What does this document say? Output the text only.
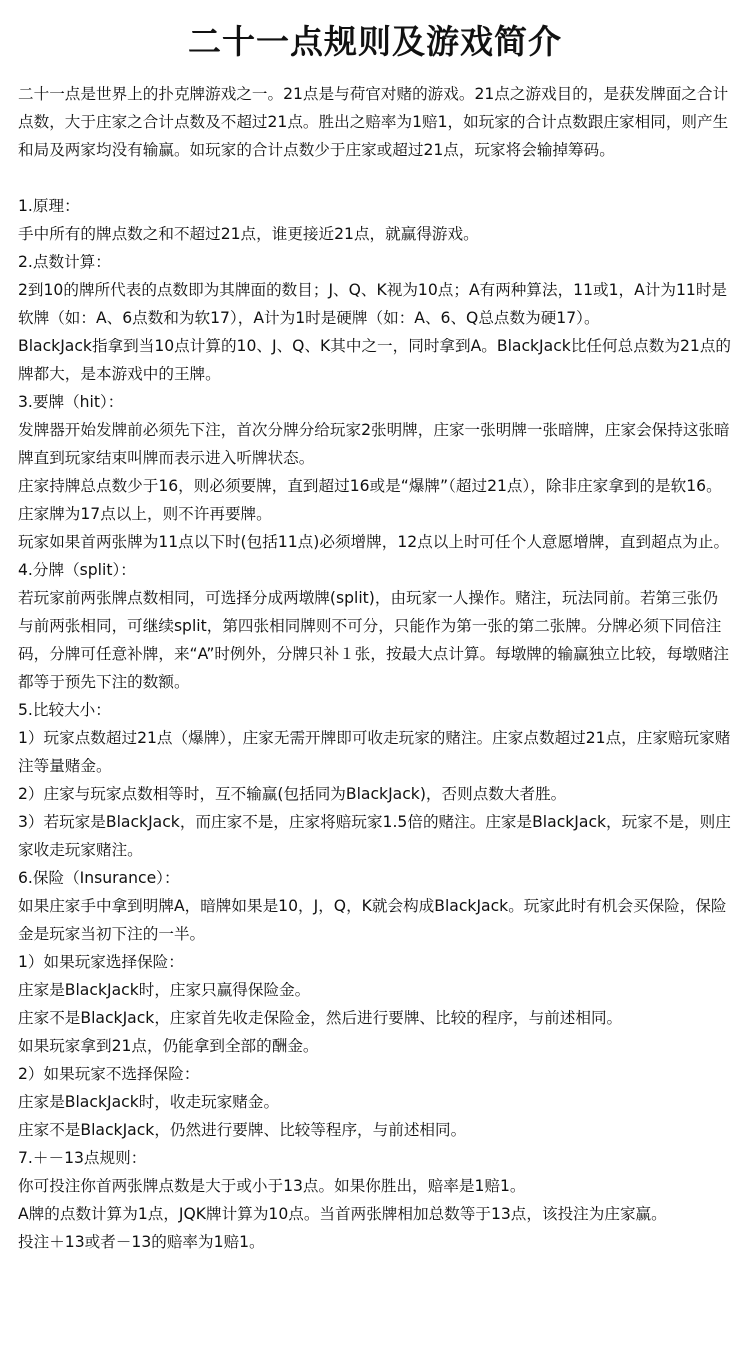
二十一点规则及游戏简介

二十一点是世界上的扑克牌游戏之一。21点是与荷官对赌的游戏。21点之游戏目的，是获发牌面之合计点数，大于庄家之合计点数及不超过21点。胜出之赔率为1赔1，如玩家的合计点数跟庄家相同，则产生和局及两家均没有输赢。如玩家的合计点数少于庄家或超过21点，玩家将会输掉筹码。

1.原理：

手中所有的牌点数之和不超过21点，谁更接近21点，就赢得游戏。

2.点数计算：

2到10的牌所代表的点数即为其牌面的数目；J、Q、K视为10点；A有两种算法，11或1，A计为11时是软牌（如：A、6点数和为软17），A计为1时是硬牌（如：A、6、Q总点数为硬17）。

BlackJack指拿到当10点计算的10、J、Q、K其中之一，同时拿到A。BlackJack比任何总点数为21点的牌都大，是本游戏中的王牌。

3.要牌（hit）：

发牌器开始发牌前必须先下注，首次分牌分给玩家2张明牌，庄家一张明牌一张暗牌，庄家会保持这张暗牌直到玩家结束叫牌而表示进入听牌状态。

庄家持牌总点数少于16，则必须要牌，直到超过16或是“爆牌”（超过21点），除非庄家拿到的是软16。庄家牌为17点以上，则不许再要牌。

玩家如果首两张牌为11点以下时(包括11点)必须增牌，12点以上时可任个人意愿增牌，直到超点为止。

4.分牌（split）：

若玩家前两张牌点数相同，可选择分成两墩牌(split)，由玩家一人操作。赌注，玩法同前。若第三张仍与前两张相同，可继续split，第四张相同牌则不可分，只能作为第一张的第二张牌。分牌必须下同倍注码，分牌可任意补牌，来“A”时例外，分牌只补１张，按最大点计算。每墩牌的输赢独立比较，每墩赌注都等于预先下注的数额。

5.比较大小：

1）玩家点数超过21点（爆牌），庄家无需开牌即可收走玩家的赌注。庄家点数超过21点，庄家赔玩家赌注等量赌金。

2）庄家与玩家点数相等时，互不输赢(包括同为BlackJack)，否则点数大者胜。

3）若玩家是BlackJack，而庄家不是，庄家将赔玩家1.5倍的赌注。庄家是BlackJack，玩家不是，则庄家收走玩家赌注。

6.保险（Insurance）：

如果庄家手中拿到明牌A，暗牌如果是10，J，Q，K就会构成BlackJack。玩家此时有机会买保险，保险金是玩家当初下注的一半。

1）如果玩家选择保险：

庄家是BlackJack时，庄家只赢得保险金。

庄家不是BlackJack，庄家首先收走保险金，然后进行要牌、比较的程序，与前述相同。

如果玩家拿到21点，仍能拿到全部的酬金。

2）如果玩家不选择保险：

庄家是BlackJack时，收走玩家赌金。

庄家不是BlackJack，仍然进行要牌、比较等程序，与前述相同。

7.＋－13点规则：

你可投注你首两张牌点数是大于或小于13点。如果你胜出，赔率是1赔1。

A牌的点数计算为1点，JQK牌计算为10点。当首两张牌相加总数等于13点，该投注为庄家赢。

投注＋13或者－13的赔率为1赔1。
